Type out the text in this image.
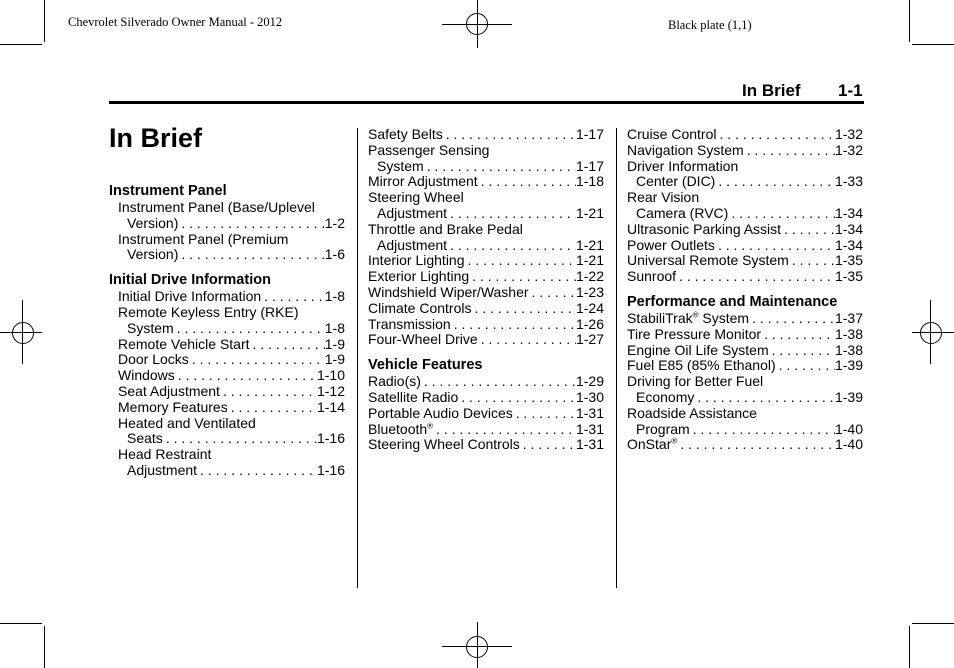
Chevrolet Silverado Owner Manual - 2012	Black plate (1,1)
In Brief 1-1
In Brief
Instrument Panel
Instrument Panel (Base/Uplevel
Version) . . .	1-2
Instrument Panel (Premium
Version) . . .	1-6
Initial Drive Information
Initial Drive Information . . .	1-8
Remote Keyless Entry (RKE)
System . . .	1-8
Remote Vehicle Start . . .	1-9
Door Locks . . .	1-9
Windows . . .	1-10
Seat Adjustment . . .	1-12
Memory Features . . .	1-14
Heated and Ventilated
Seats . . .	1-16
Head Restraint
Adjustment . . .	1-16
Safety Belts . . .	1-17
Passenger Sensing
System . . .	1-17
Mirror Adjustment . . .	1-18
Steering Wheel
Adjustment . . .	1-21
Throttle and Brake Pedal
Adjustment . . .	1-21
Interior Lighting . . .	1-21
Exterior Lighting . . .	1-22
Windshield Wiper/Washer . . .	1-23
Climate Controls . . .	1-24
Transmission . . .	1-26
Four-Wheel Drive . . .	1-27
Vehicle Features
Radio(s) . . .	1-29
Satellite Radio . . .	1-30
Portable Audio Devices . . .	1-31
Bluetooth® . . .	1-31
Steering Wheel Controls . . .	1-31
Cruise Control . . .	1-32
Navigation System . . .	1-32
Driver Information
Center (DIC) . . .	1-33
Rear Vision
Camera (RVC) . . .	1-34
Ultrasonic Parking Assist . . .	1-34
Power Outlets . . .	1-34
Universal Remote System . . .	1-35
Sunroof . . .	1-35
Performance and Maintenance
StabiliTrak® System . . .	1-37
Tire Pressure Monitor . . .	1-38
Engine Oil Life System . . .	1-38
Fuel E85 (85% Ethanol) . . .	1-39
Driving for Better Fuel
Economy . . .	1-39
Roadside Assistance
Program . . .	1-40
OnStar® . . .	1-40
